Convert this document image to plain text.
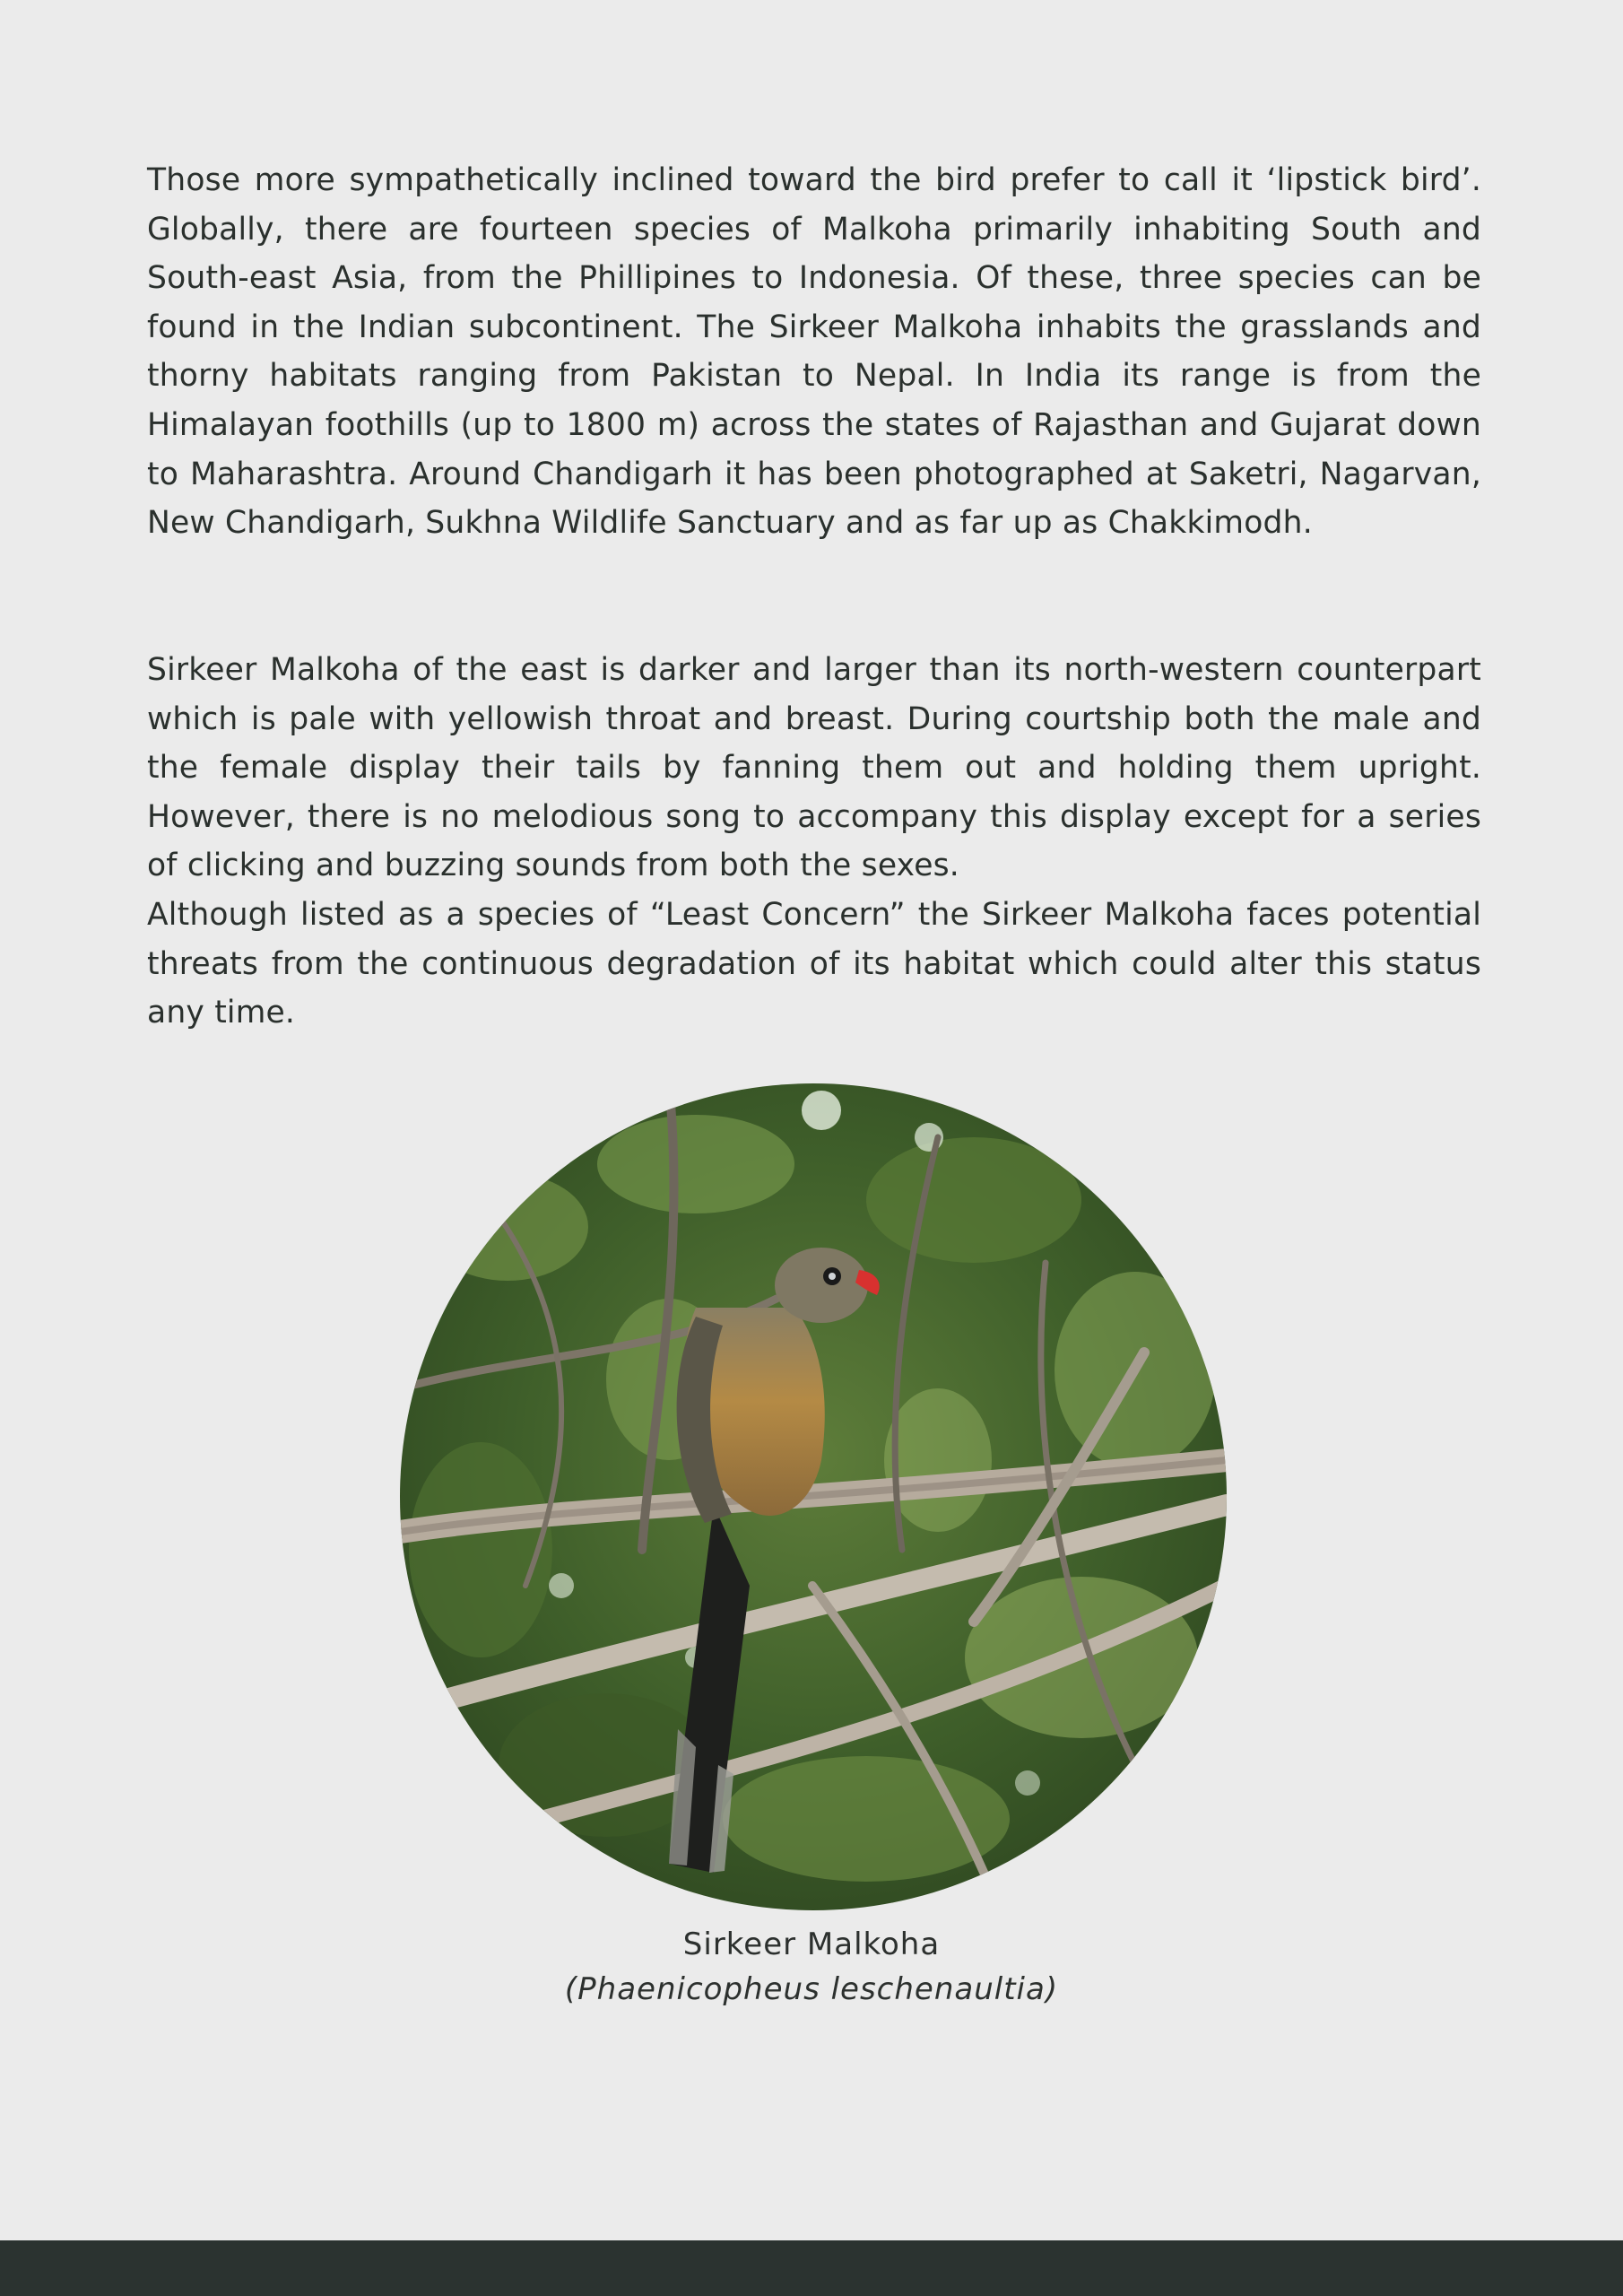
Those more sympathetically inclined toward the bird prefer to call it ‘lipstick bird’. Globally, there are fourteen species of Malkoha primarily inhabiting South and South-east Asia, from the Phillipines to Indonesia. Of these, three species can be found in the Indian subcontinent. The Sirkeer Malkoha inhabits the grasslands and thorny habitats ranging from Pakistan to Nepal. In India its range is from the Himalayan foothills (up to 1800 m) across the states of Rajasthan and Gujarat down to Maharashtra. Around Chandigarh it has been photographed at Saketri, Nagarvan, New Chandigarh, Sukhna Wildlife Sanctuary and as far up as Chakkimodh.

Sirkeer Malkoha of the east is darker and larger than its north-western counterpart which is pale with yellowish throat and breast. During courtship both the male and the female display their tails by fanning them out and holding them upright. However, there is no melodious song to accompany this display except for a series of clicking and buzzing sounds from both the sexes.

Although listed as a species of “Least Concern” the Sirkeer Malkoha faces potential threats from the continuous degradation of its habitat which could alter this status any time.

Sirkeer Malkoha
(Phaenicopheus leschenaultia)
